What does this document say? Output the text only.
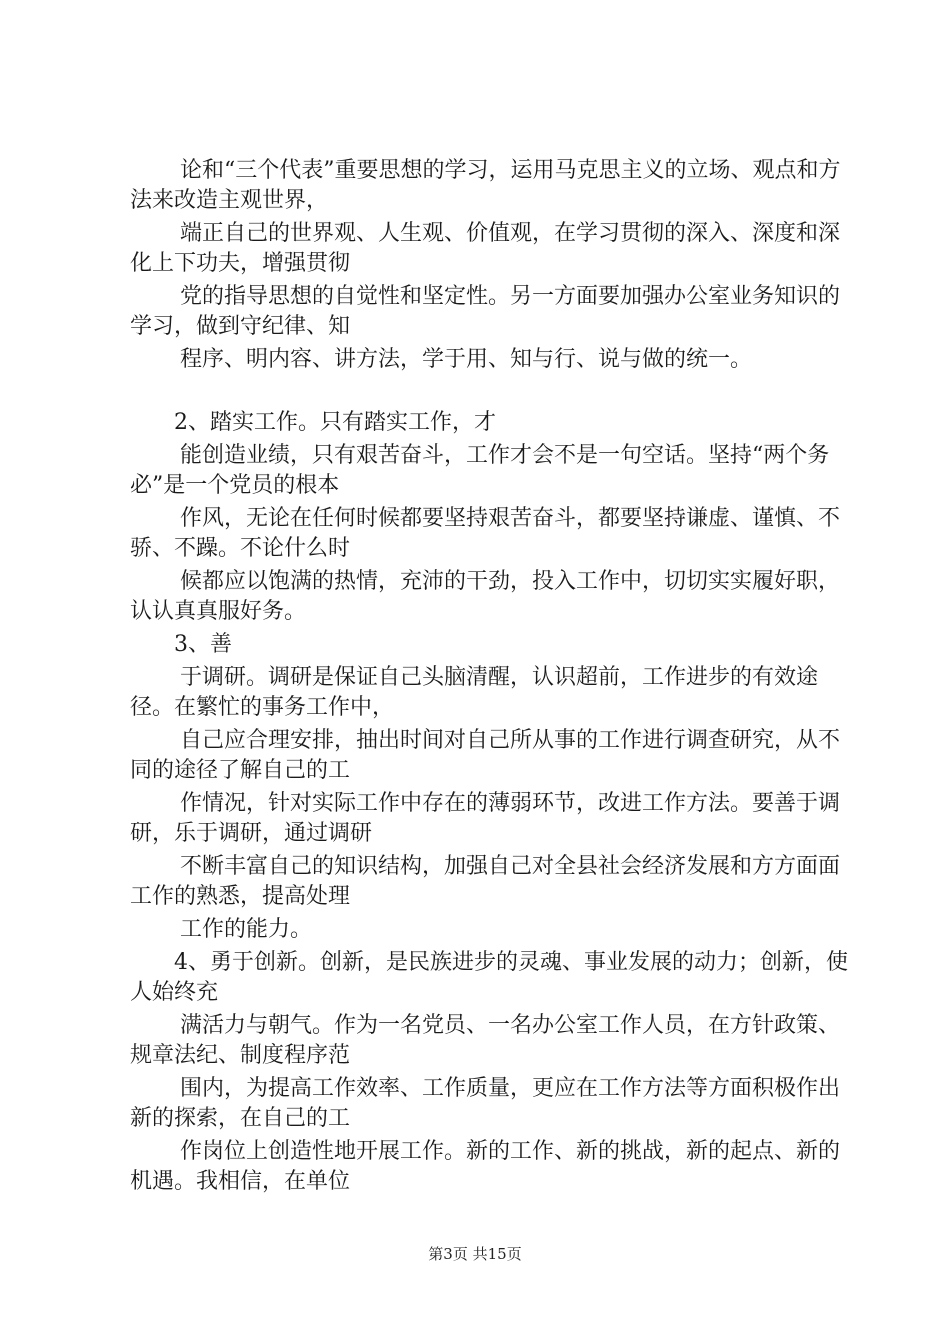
论和“三个代表”重要思想的学习，运用马克思主义的立场、观点和方法来改造主观世界，

端正自己的世界观、人生观、价值观，在学习贯彻的深入、深度和深化上下功夫，增强贯彻

党的指导思想的自觉性和坚定性。另一方面要加强办公室业务知识的学习，做到守纪律、知

程序、明内容、讲方法，学于用、知与行、说与做的统一。

2、踏实工作。只有踏实工作，才

能创造业绩，只有艰苦奋斗，工作才会不是一句空话。坚持“两个务必”是一个党员的根本

作风，无论在任何时候都要坚持艰苦奋斗，都要坚持谦虚、谨慎、不骄、不躁。不论什么时

候都应以饱满的热情，充沛的干劲，投入工作中，切切实实履好职，认认真真服好务。

3、善

于调研。调研是保证自己头脑清醒，认识超前，工作进步的有效途径。在繁忙的事务工作中，

自己应合理安排，抽出时间对自己所从事的工作进行调查研究，从不同的途径了解自己的工

作情况，针对实际工作中存在的薄弱环节，改进工作方法。要善于调研，乐于调研，通过调研

不断丰富自己的知识结构，加强自己对全县社会经济发展和方方面面工作的熟悉，提高处理

工作的能力。

4、勇于创新。创新，是民族进步的灵魂、事业发展的动力；创新，使人始终充

满活力与朝气。作为一名党员、一名办公室工作人员，在方针政策、规章法纪、制度程序范

围内，为提高工作效率、工作质量，更应在工作方法等方面积极作出新的探索，在自己的工

作岗位上创造性地开展工作。新的工作、新的挑战，新的起点、新的机遇。我相信，在单位

第3页 共15页
